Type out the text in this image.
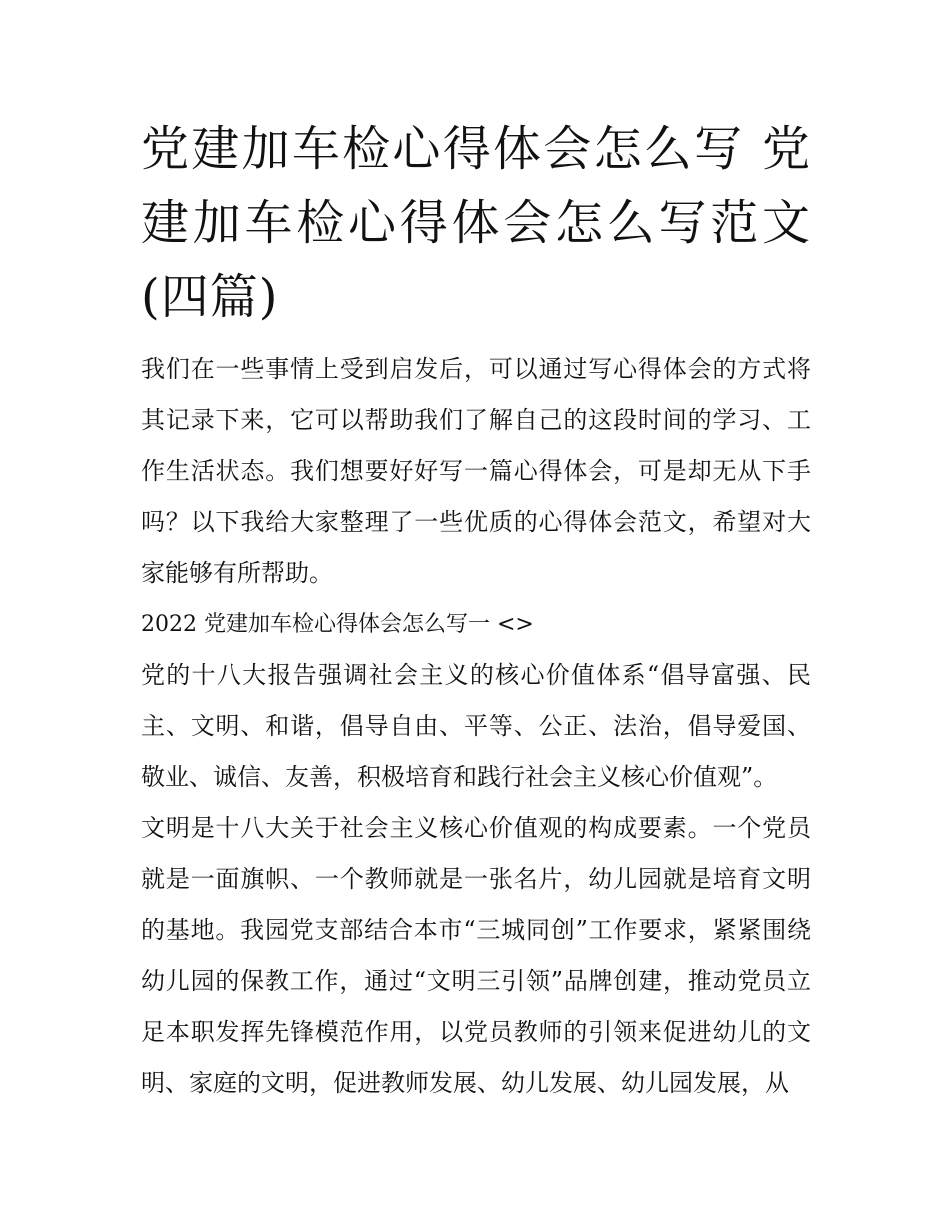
党建加车检心得体会怎么写 党建加车检心得体会怎么写范文(四篇)

我们在一些事情上受到启发后，可以通过写心得体会的方式将其记录下来，它可以帮助我们了解自己的这段时间的学习、工作生活状态。我们想要好好写一篇心得体会，可是却无从下手吗？以下我给大家整理了一些优质的心得体会范文，希望对大家能够有所帮助。

2022 党建加车检心得体会怎么写一 <>

党的十八大报告强调社会主义的核心价值体系“倡导富强、民主、文明、和谐，倡导自由、平等、公正、法治，倡导爱国、敬业、诚信、友善，积极培育和践行社会主义核心价值观”。

文明是十八大关于社会主义核心价值观的构成要素。一个党员就是一面旗帜、一个教师就是一张名片，幼儿园就是培育文明的基地。我园党支部结合本市“三城同创”工作要求，紧紧围绕幼儿园的保教工作，通过“文明三引领”品牌创建，推动党员立足本职发挥先锋模范作用，以党员教师的引领来促进幼儿的文明、家庭的文明，促进教师发展、幼儿发展、幼儿园发展，从
